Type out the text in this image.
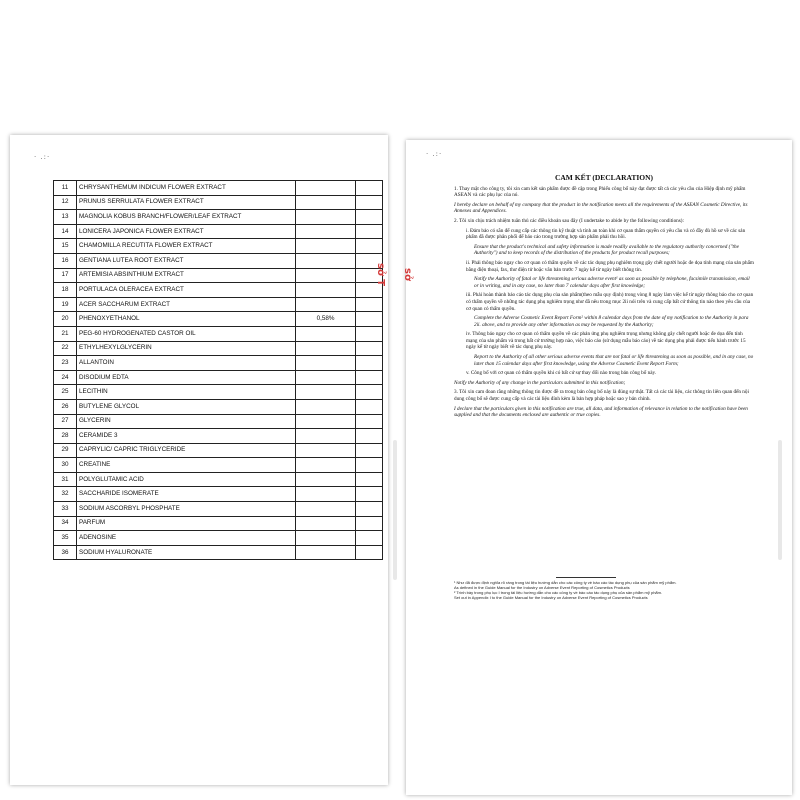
· .:·
11	CHRYSANTHEMUM INDICUM FLOWER EXTRACT		
12	PRUNUS SERRULATA FLOWER EXTRACT		
13	MAGNOLIA KOBUS BRANCH/FLOWER/LEAF EXTRACT		
14	LONICERA JAPONICA FLOWER EXTRACT		
15	CHAMOMILLA RECUTITA FLOWER EXTRACT		
16	GENTIANA LUTEA ROOT EXTRACT		
17	ARTEMISIA ABSINTHIUM EXTRACT		
18	PORTULACA OLERACEA EXTRACT		
19	ACER SACCHARUM EXTRACT		
20	PHENOXYETHANOL	0,58%	
21	PEG-60 HYDROGENATED CASTOR OIL		
22	ETHYLHEXYLGLYCERIN		
23	ALLANTOIN		
24	DISODIUM EDTA		
25	LECITHIN		
26	BUTYLENE GLYCOL		
27	GLYCERIN		
28	CERAMIDE 3		
29	CAPRYLIC/ CAPRIC TRIGLYCERIDE		
30	CREATINE		
31	POLYGLUTAMIC ACID		
32	SACCHARIDE ISOMERATE		
33	SODIUM ASCORBYL PHOSPHATE		
34	PARFUM		
35	ADENOSINE		
36	SODIUM HYALURONATE		
sở T
· .:·
CAM KẾT (DECLARATION)

1. Thay mặt cho công ty, tôi xin cam kết sản phẩm được đề cập trong Phiếu công bố này đạt được tất cả các yêu cầu của Hiệp định mỹ phẩm ASEAN và các phụ lục của nó.

I hereby declare on behalf of my company that the product in the notification meets all the requirements of the ASEAN Cosmetic Directive, its Annexes and Appendices.

2. Tôi xin chịu trách nhiệm tuân thủ các điều khoản sau đây (I undertake to abide by the following conditions):

i. Đảm bảo có sẵn để cung cấp các thông tin kỹ thuật và tính an toàn khi cơ quan thẩm quyền có yêu cầu và có đầy đủ hồ sơ về các sản phẩm đã được phân phối để báo cáo trong trường hợp sản phẩm phải thu hồi.

Ensure that the product's technical and safety information is made readily available to the regulatory authority concerned ("the Authority") and to keep records of the distribution of the products for product recall purposes;

ii. Phải thông báo ngay cho cơ quan có thẩm quyền về các tác dụng phụ nghiêm trọng gây chết người hoặc đe dọa tính mạng của sản phẩm bằng điện thoại, fax, thư điện tử hoặc văn bản trước 7 ngày kể từ ngày biết thông tin.

Notify the Authority of fatal or life threatening serious adverse event¹ as soon as possible by telephone, facsimile transmission, email or in writing, and in any case, no later than 7 calendar days after first knowledge;

iii. Phải hoàn thành báo cáo tác dụng phụ của sản phẩm(theo mẫu quy định) trong vòng 8 ngày làm việc kể từ ngày thông báo cho cơ quan có thẩm quyền về những tác dụng phụ nghiêm trọng như đã nêu trong mục 2ii nói trên và cung cấp bất cứ thông tin nào theo yêu cầu của cơ quan có thẩm quyền.

Complete the Adverse Cosmetic Event Report Form² within 8 calendar days from the date of my notification to the Authority in para 2ii. above, and to provide any other information as may be requested by the Authority;

iv. Thông báo ngay cho cơ quan có thẩm quyền về các phản ứng phụ nghiêm trọng nhưng không gây chết người hoặc đe dọa đến tính mạng của sản phẩm và trong bất cứ trường hợp nào, việc báo cáo (sử dụng mẫu báo cáo) về tác dụng phụ phải được tiến hành trước 15 ngày kể từ ngày biết về tác dụng phụ này.

Report to the Authority of all other serious adverse events that are not fatal or life threatening as soon as possible, and in any case, no later than 15 calendar days after first knowledge, using the Adverse Cosmetic Event Report Form;

v. Công bố với cơ quan có thẩm quyền khi có bất cứ sự thay đổi nào trong bản công bố này.

Notify the Authority of any change in the particulars submitted in this notification;

3. Tôi xin cam đoan rằng những thông tin được đề ra trong bản công bố này là đúng sự thật. Tất cả các tài liệu, các thông tin liên quan đến nội dung công bố sẽ được cung cấp và các tài liệu đính kèm là bản hợp pháp hoặc sao y bản chính.

I declare that the particulars given in this notification are true, all data, and information of relevance in relation to the notification have been supplied and that the documents enclosed are authentic or true copies.

¹ Như đã được định nghĩa rõ ràng trong tài liệu hướng dẫn cho các công ty về báo cáo tác dụng phụ của sản phẩm mỹ phẩm.
As defined in the Guide Manual for the Industry on Adverse Event Reporting of Cosmetics Products
² Trình bày trong phụ lục I trong tài liệu hướng dẫn cho các công ty về báo cáo tác dụng phụ của sản phẩm mỹ phẩm.
Set out in Appendix I to the Guide Manual for the Industry on Adverse Event Reporting of Cosmetics Products
sở
